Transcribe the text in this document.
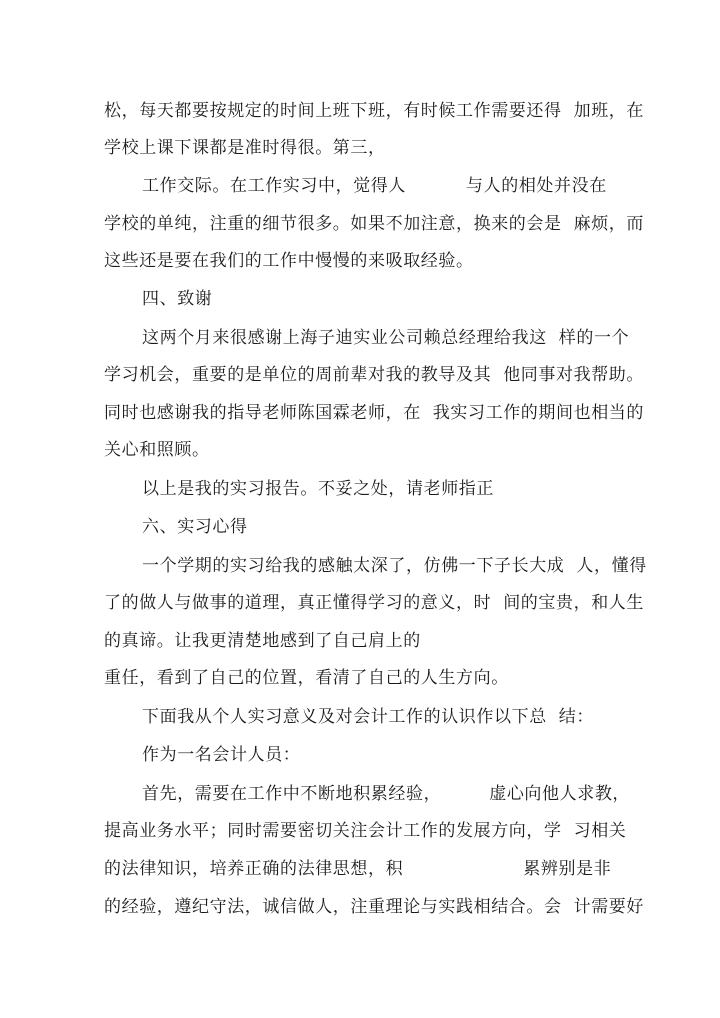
松，每天都要按规定的时间上班下班，有时候工作需要还得  加班，在
学校上课下课都是准时得很。第三，
工作交际。在工作实习中，觉得人          与人的相处并没在
学校的单纯，注重的细节很多。如果不加注意，换来的会是  麻烦，而
这些还是要在我们的工作中慢慢的来吸取经验。
四、致谢
这两个月来很感谢上海子迪实业公司赖总经理给我这  样的一个
学习机会，重要的是单位的周前辈对我的教导及其  他同事对我帮助。
同时也感谢我的指导老师陈国霖老师，在  我实习工作的期间也相当的
关心和照顾。
以上是我的实习报告。不妥之处，请老师指正
六、实习心得
一个学期的实习给我的感触太深了，仿佛一下子长大成  人，懂得
了的做人与做事的道理，真正懂得学习的意义，时  间的宝贵，和人生
的真谛。让我更清楚地感到了自己肩上的
重任，看到了自己的位置，看清了自己的人生方向。
下面我从个人实习意义及对会计工作的认识作以下总  结：
作为一名会计人员：
首先，需要在工作中不断地积累经验，        虚心向他人求教，
提高业务水平；同时需要密切关注会计工作的发展方向，学  习相关
的法律知识，培养正确的法律思想，积                    累辨别是非
的经验，遵纪守法，诚信做人，注重理论与实践相结合。会  计需要好
